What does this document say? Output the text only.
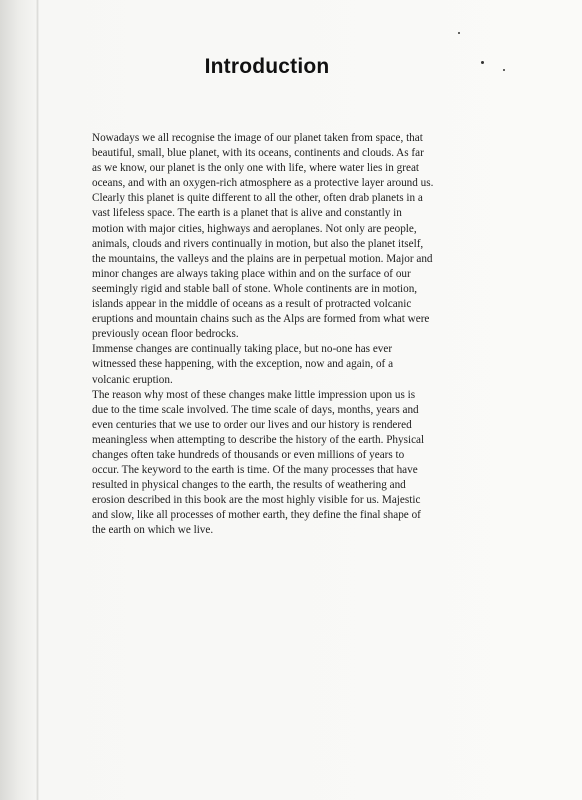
Introduction
Nowadays we all recognise the image of our planet taken from space, that
beautiful, small, blue planet, with its oceans, continents and clouds. As far
as we know, our planet is the only one with life, where water lies in great
oceans, and with an oxygen-rich atmosphere as a protective layer around us.
Clearly this planet is quite different to all the other, often drab planets in a
vast lifeless space. The earth is a planet that is alive and constantly in
motion with major cities, highways and aeroplanes. Not only are people,
animals, clouds and rivers continually in motion, but also the planet itself,
the mountains, the valleys and the plains are in perpetual motion. Major and
minor changes are always taking place within and on the surface of our
seemingly rigid and stable ball of stone. Whole continents are in motion,
islands appear in the middle of oceans as a result of protracted volcanic
eruptions and mountain chains such as the Alps are formed from what were
previously ocean floor bedrocks.
Immense changes are continually taking place, but no-one has ever
witnessed these happening, with the exception, now and again, of a
volcanic eruption.
The reason why most of these changes make little impression upon us is
due to the time scale involved. The time scale of days, months, years and
even centuries that we use to order our lives and our history is rendered
meaningless when attempting to describe the history of the earth. Physical
changes often take hundreds of thousands or even millions of years to
occur. The keyword to the earth is time. Of the many processes that have
resulted in physical changes to the earth, the results of weathering and
erosion described in this book are the most highly visible for us. Majestic
and slow, like all processes of mother earth, they define the final shape of
the earth on which we live.
